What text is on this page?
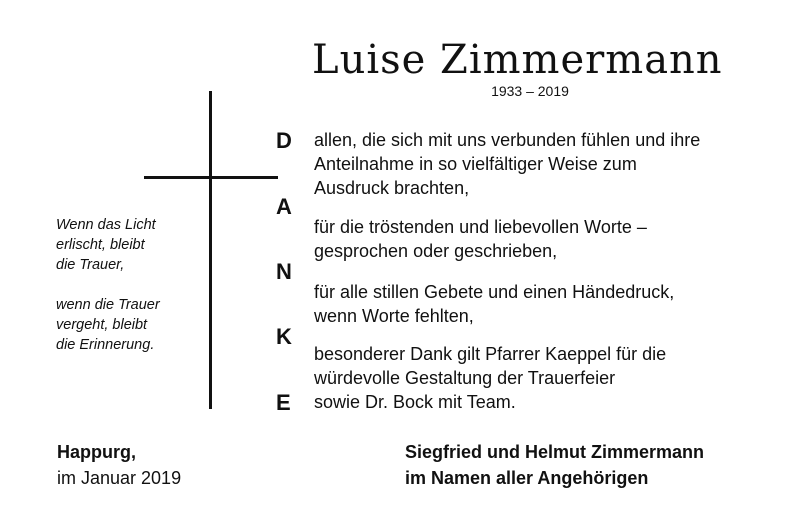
Luise Zimmermann
1933 – 2019

Wenn das Licht
erlischt, bleibt
die Trauer,

wenn die Trauer
vergeht, bleibt
die Erinnerung.

D
A
N
K
E
allen, die sich mit uns verbunden fühlen und ihre
Anteilnahme in so vielfältiger Weise zum
Ausdruck brachten,
für die tröstenden und liebevollen Worte –
gesprochen oder geschrieben,
für alle stillen Gebete und einen Händedruck,
wenn Worte fehlten,
besonderer Dank gilt Pfarrer Kaeppel für die
würdevolle Gestaltung der Trauerfeier
sowie Dr. Bock mit Team.
Happurg,
im Januar 2019
Siegfried und Helmut Zimmermann
im Namen aller Angehörigen
